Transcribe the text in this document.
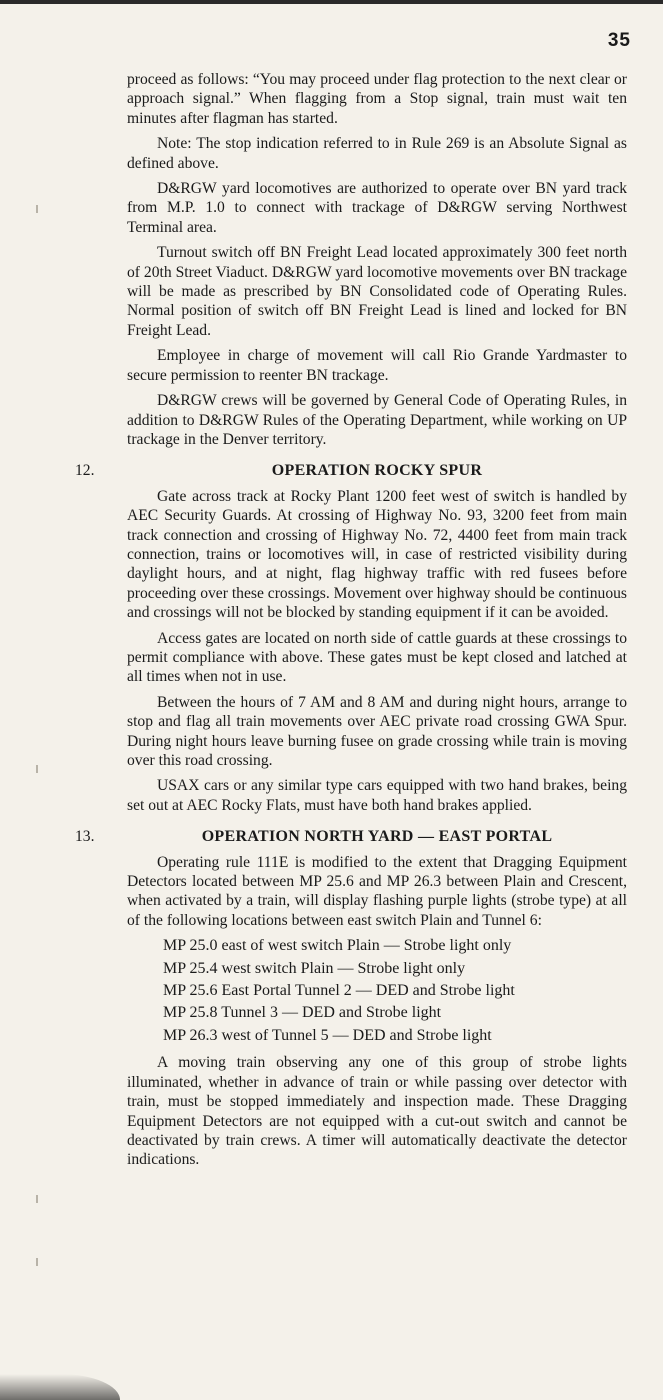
35

proceed as follows: “You may proceed under flag protection to the next clear or approach signal.” When flagging from a Stop signal, train must wait ten minutes after flagman has started.

Note: The stop indication referred to in Rule 269 is an Absolute Signal as defined above.

D&RGW yard locomotives are authorized to operate over BN yard track from M.P. 1.0 to connect with trackage of D&RGW serving Northwest Terminal area.

Turnout switch off BN Freight Lead located approximately 300 feet north of 20th Street Viaduct. D&RGW yard locomotive movements over BN trackage will be made as prescribed by BN Consolidated code of Operating Rules. Normal position of switch off BN Freight Lead is lined and locked for BN Freight Lead.

Employee in charge of movement will call Rio Grande Yardmaster to secure permission to reenter BN trackage.

D&RGW crews will be governed by General Code of Operating Rules, in addition to D&RGW Rules of the Operating Department, while working on UP trackage in the Denver territory.

12.	OPERATION ROCKY SPUR

Gate across track at Rocky Plant 1200 feet west of switch is handled by AEC Security Guards. At crossing of Highway No. 93, 3200 feet from main track connection and crossing of Highway No. 72, 4400 feet from main track connection, trains or locomotives will, in case of restricted visibility during daylight hours, and at night, flag highway traffic with red fusees before proceeding over these crossings. Movement over highway should be continuous and crossings will not be blocked by standing equipment if it can be avoided.

Access gates are located on north side of cattle guards at these crossings to permit compliance with above. These gates must be kept closed and latched at all times when not in use.

Between the hours of 7 AM and 8 AM and during night hours, arrange to stop and flag all train movements over AEC private road crossing GWA Spur. During night hours leave burning fusee on grade crossing while train is moving over this road crossing.

USAX cars or any similar type cars equipped with two hand brakes, being set out at AEC Rocky Flats, must have both hand brakes applied.

13.	OPERATION NORTH YARD — EAST PORTAL

Operating rule 111E is modified to the extent that Dragging Equipment Detectors located between MP 25.6 and MP 26.3 between Plain and Crescent, when activated by a train, will display flashing purple lights (strobe type) at all of the following locations between east switch Plain and Tunnel 6:

MP 25.0 east of west switch Plain — Strobe light only
MP 25.4 west switch Plain — Strobe light only
MP 25.6 East Portal Tunnel 2 — DED and Strobe light
MP 25.8 Tunnel 3 — DED and Strobe light
MP 26.3 west of Tunnel 5 — DED and Strobe light

A moving train observing any one of this group of strobe lights illuminated, whether in advance of train or while passing over detector with train, must be stopped immediately and inspection made. These Dragging Equipment Detectors are not equipped with a cut-out switch and cannot be deactivated by train crews. A timer will automatically deactivate the detector indications.
